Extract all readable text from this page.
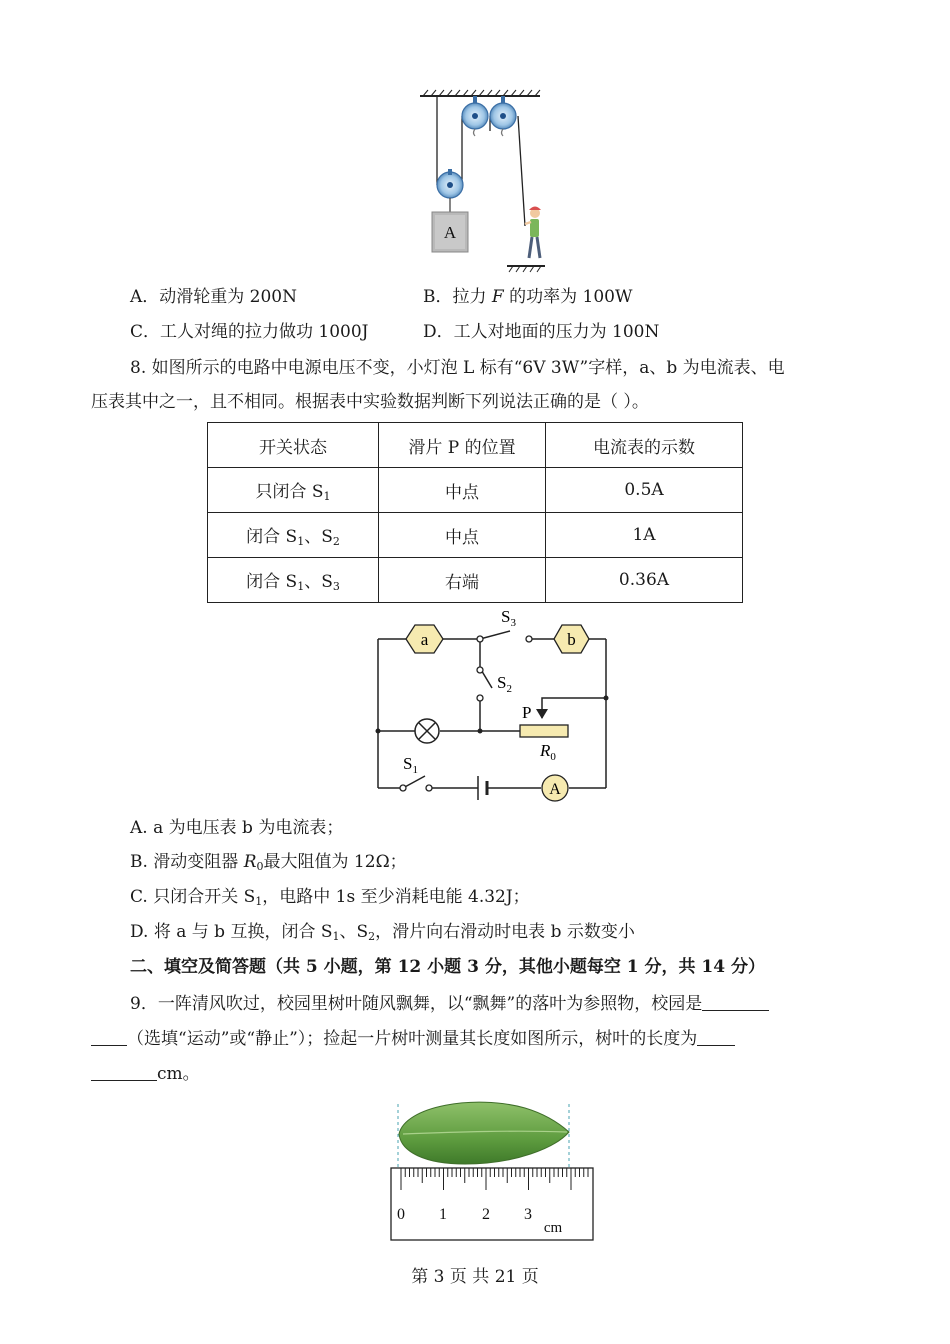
A
A．动滑轮重为 200N	B．拉力 F 的功率为 100W
C．工人对绳的拉力做功 1000J	D．工人对地面的压力为 100N
8. 如图所示的电路中电源电压不变，小灯泡 L 标有“6V 3W”字样，a、b 为电流表、电
压表其中之一，且不相同。根据表中实验数据判断下列说法正确的是（ ）。
开关状态	滑片 P 的位置	电流表的示数
只闭合 $S_1$	中点	0.5A
闭合 $S_1$、$S_2$	中点	1A
闭合 $S_1$、$S_3$	右端	0.36A
a	b
A
$S_3$
$S_2$
$S_1$
P
$R_0$
A. a 为电压表 b 为电流表；
B. 滑动变阻器 $R_0$最大阻值为 12Ω；
C. 只闭合开关 $S_1$，电路中 1s 至少消耗电能 4.32J；
D. 将 a 与 b 互换，闭合 $S_1$、$S_2$，滑片向右滑动时电表 b 示数变小
二、填空及简答题（共 5 小题，第 12 小题 3 分，其他小题每空 1 分，共 14 分）
9．一阵清风吹过，校园里树叶随风飘舞，以“飘舞”的落叶为参照物，校园是
（选填“运动”或“静止”）；捡起一片树叶测量其长度如图所示，树叶的长度为
cm。
0 1 2 3
cm
第 3 页 共 21 页
